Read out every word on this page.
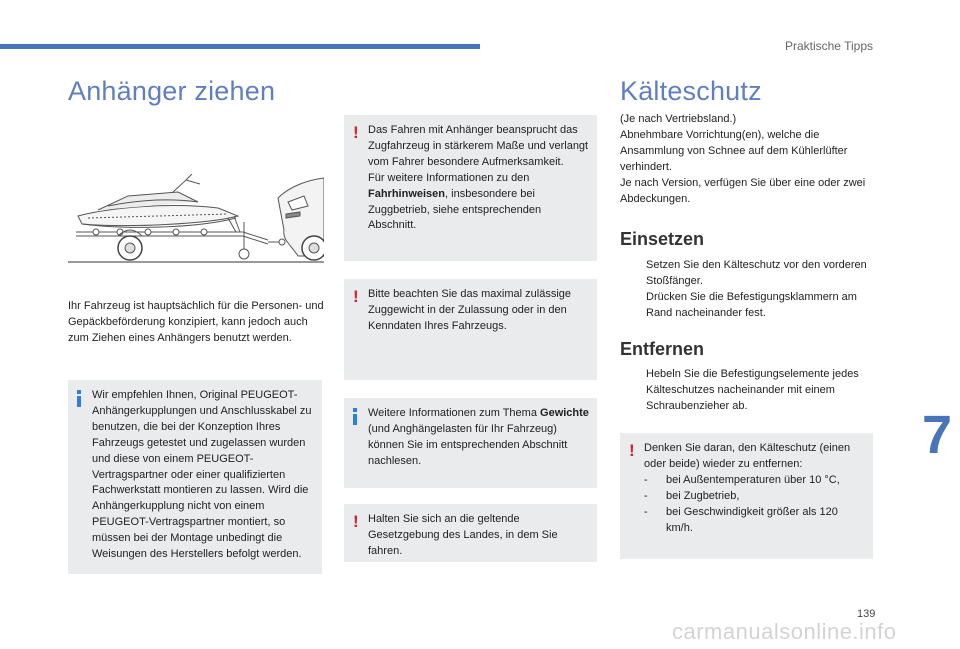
Praktische Tipps
Anhänger ziehen
Ihr Fahrzeug ist hauptsächlich für die Personen- und Gepäckbeförderung konzipiert, kann jedoch auch zum Ziehen eines Anhängers benutzt werden.

Wir empfehlen Ihnen, Original PEUGEOT-Anhängerkupplungen und Anschlusskabel zu benutzen, die bei der Konzeption Ihres Fahrzeugs getestet und zugelassen wurden und diese von einem PEUGEOT-Vertragspartner oder einer qualifizierten Fachwerkstatt montieren zu lassen. Wird die Anhängerkupplung nicht von einem PEUGEOT-Vertragspartner montiert, so müssen bei der Montage unbedingt die Weisungen des Herstellers befolgt werden.

! Das Fahren mit Anhänger beansprucht das Zugfahrzeug in stärkerem Maße und verlangt vom Fahrer besondere Aufmerksamkeit.

Für weitere Informationen zu den Fahrhinweisen, insbesondere bei Zuggbetrieb, siehe entsprechenden Abschnitt.

! Bitte beachten Sie das maximal zulässige Zuggewicht in der Zulassung oder in den Kenndaten Ihres Fahrzeugs.

Weitere Informationen zum Thema Gewichte (und Anghängelasten für Ihr Fahrzeug) können Sie im entsprechenden Abschnitt nachlesen.

! Halten Sie sich an die geltende Gesetzgebung des Landes, in dem Sie fahren.

Kälteschutz
(Je nach Vertriebsland.)
Abnehmbare Vorrichtung(en), welche die Ansammlung von Schnee auf dem Kühlerlüfter verhindert.
Je nach Version, verfügen Sie über eine oder zwei Abdeckungen.
Einsetzen
Setzen Sie den Kälteschutz vor den vorderen Stoßfänger.
Drücken Sie die Befestigungsklammern am Rand nacheinander fest.
Entfernen
Hebeln Sie die Befestigungselemente jedes Kälteschutzes nacheinander mit einem Schraubenzieher ab.
! Denken Sie daran, den Kälteschutz (einen oder beide) wieder zu entfernen:

- bei Außentemperaturen über 10 °C,
- bei Zugbetrieb,
- bei Geschwindigkeit größer als 120 km/h.
7
139
carmanualsonline.info
